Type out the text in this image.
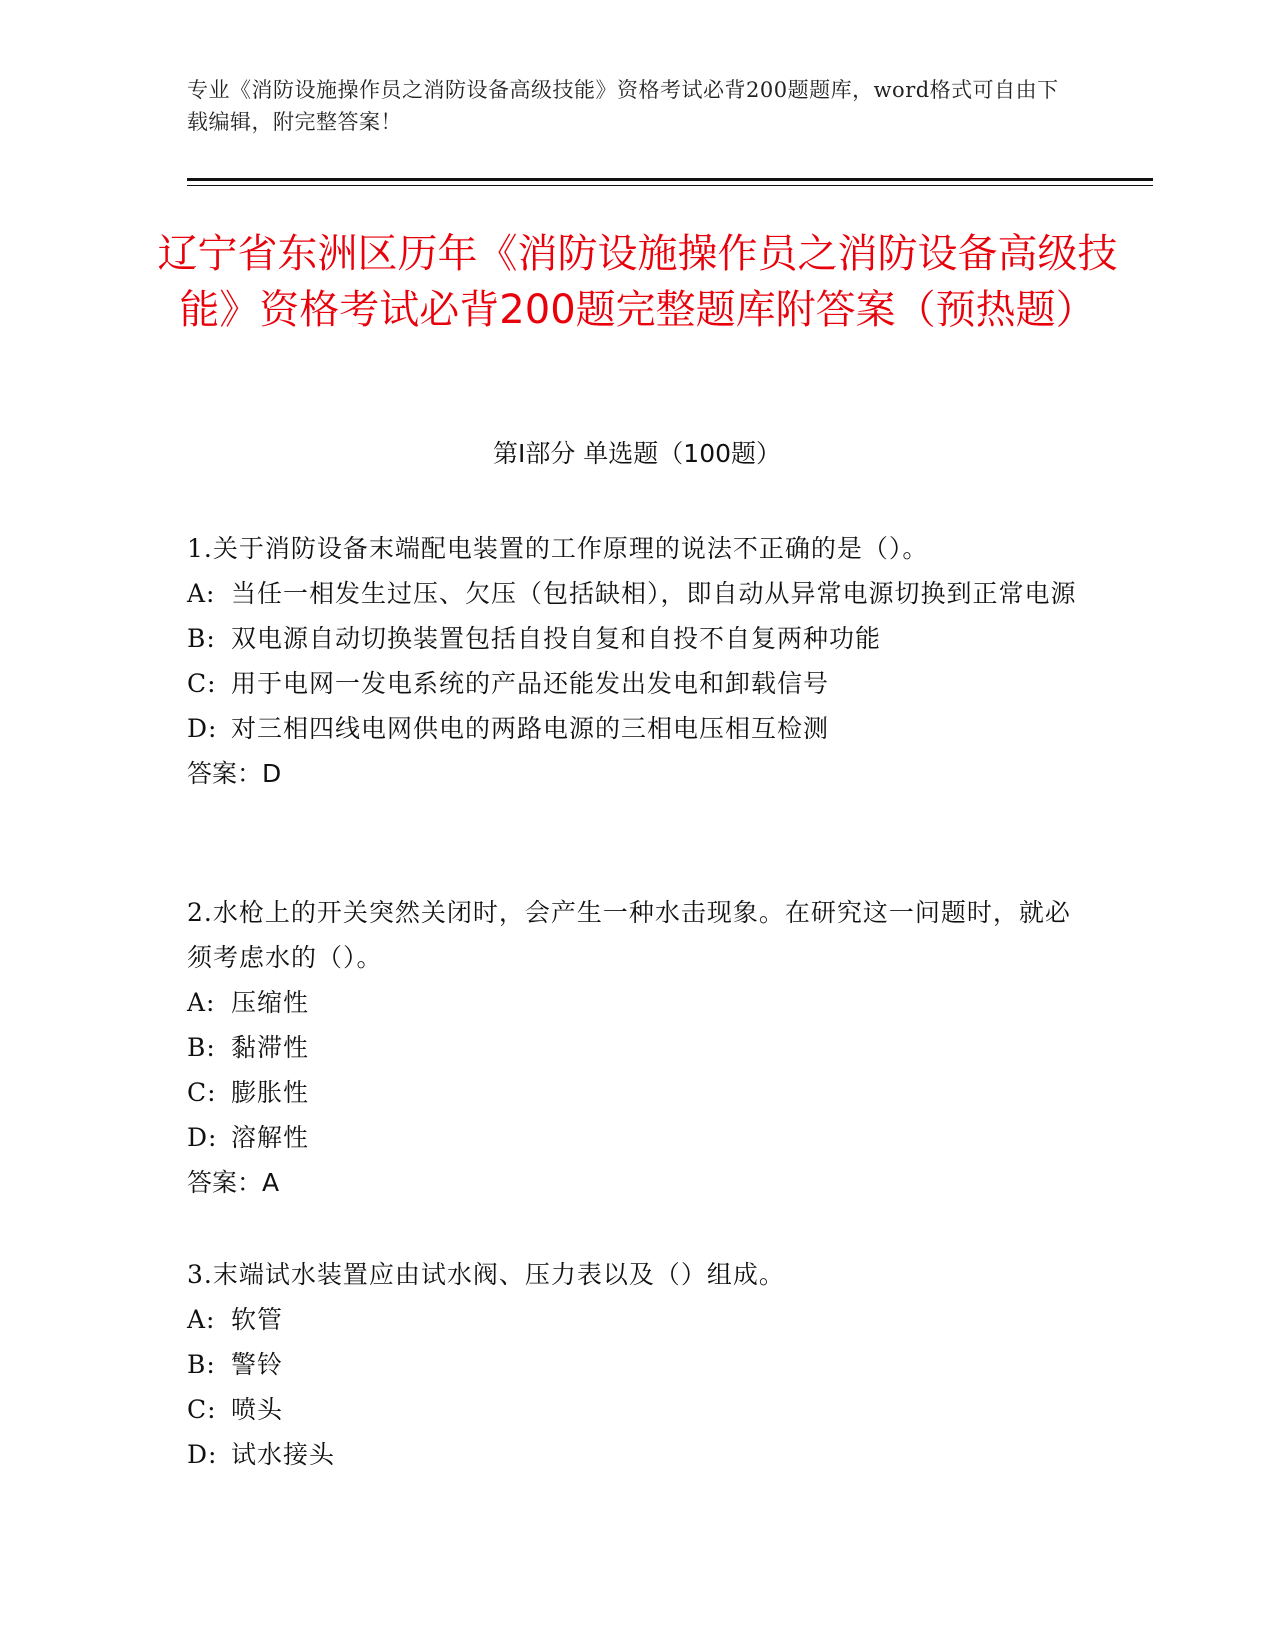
专业《消防设施操作员之消防设备高级技能》资格考试必背200题题库，word格式可自由下载编辑，附完整答案！
辽宁省东洲区历年《消防设施操作员之消防设备高级技能》资格考试必背200题完整题库附答案（预热题）
第Ⅰ部分 单选题（100题）

1.关于消防设备末端配电装置的工作原理的说法不正确的是（）。

A: 当任一相发生过压、欠压（包括缺相），即自动从异常电源切换到正常电源
B: 双电源自动切换装置包括自投自复和自投不自复两种功能
C: 用于电网一发电系统的产品还能发出发电和卸载信号
D: 对三相四线电网供电的两路电源的三相电压相互检测

答案：D

2.水枪上的开关突然关闭时，会产生一种水击现象。在研究这一问题时，就必须考虑水的（）。

A: 压缩性
B: 黏滞性
C: 膨胀性
D: 溶解性

答案：A

3.末端试水装置应由试水阀、压力表以及（）组成。

A: 软管
B: 警铃
C: 喷头
D: 试水接头
